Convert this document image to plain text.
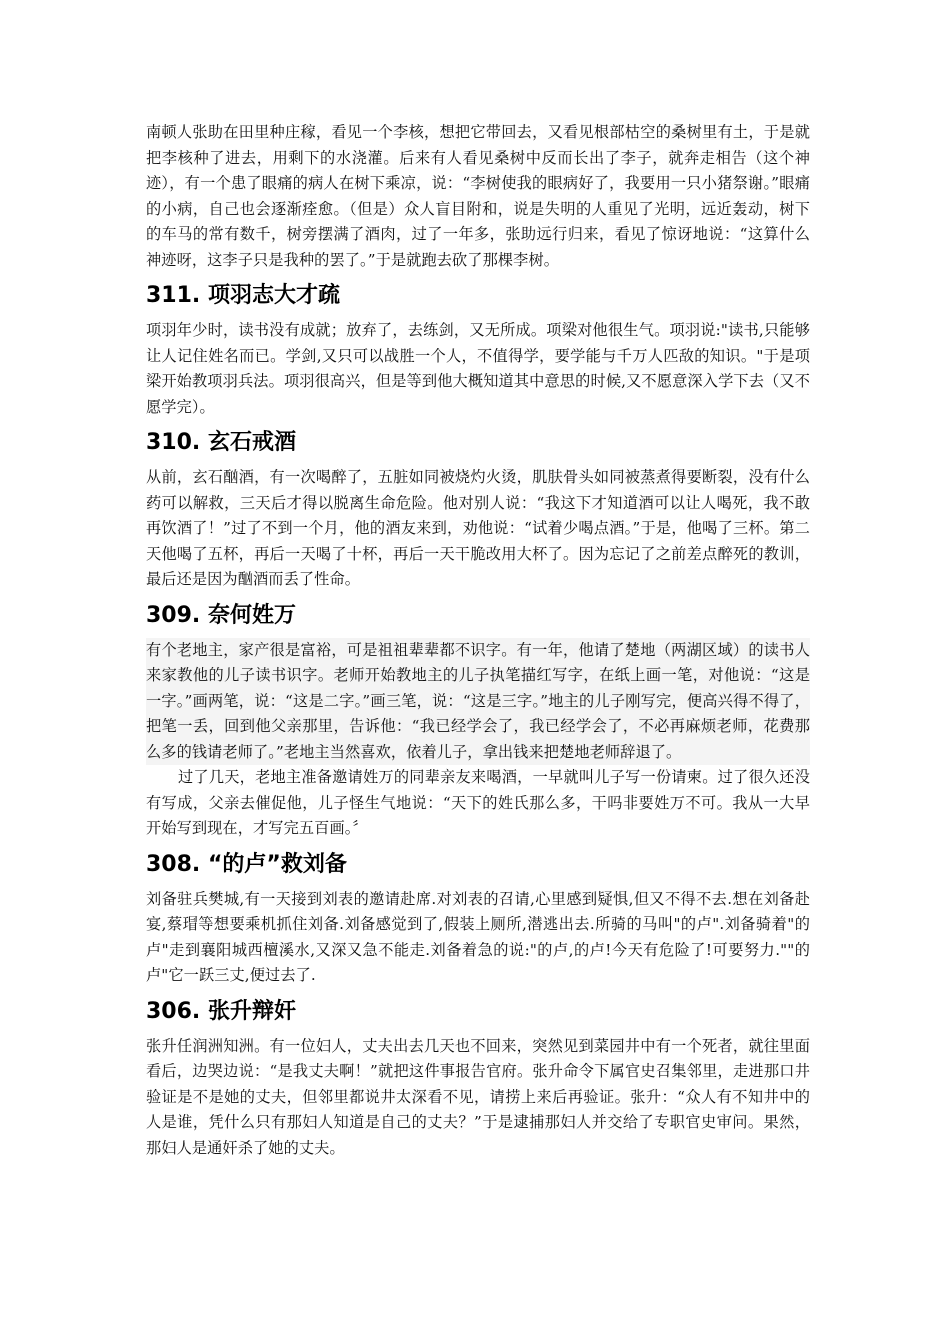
南顿人张助在田里种庄稼，看见一个李核，想把它带回去，又看见根部枯空的桑树里有土，于是就把李核种了进去，用剩下的水浇灌。后来有人看见桑树中反而长出了李子，就奔走相告（这个神迹），有一个患了眼痛的病人在树下乘凉，说：“李树使我的眼病好了，我要用一只小猪祭谢。”眼痛的小病，自己也会逐渐痊愈。（但是）众人盲目附和，说是失明的人重见了光明，远近轰动，树下的车马的常有数千，树旁摆满了酒肉，过了一年多，张助远行归来，看见了惊讶地说：“这算什么神迹呀，这李子只是我种的罢了。”于是就跑去砍了那棵李树。

311. 项羽志大才疏

项羽年少时，读书没有成就；放弃了，去练剑，又无所成。项梁对他很生气。项羽说:"读书,只能够让人记住姓名而已。学剑,又只可以战胜一个人，不值得学，要学能与千万人匹敌的知识。"于是项梁开始教项羽兵法。项羽很高兴，但是等到他大概知道其中意思的时候,又不愿意深入学下去（又不愿学完）。

310. 玄石戒酒

从前，玄石酗酒，有一次喝醉了，五脏如同被烧灼火烫，肌肤骨头如同被蒸煮得要断裂，没有什么药可以解救，三天后才得以脱离生命危险。他对别人说：“我这下才知道酒可以让人喝死，我不敢再饮酒了！”过了不到一个月，他的酒友来到，劝他说：“试着少喝点酒。”于是，他喝了三杯。第二天他喝了五杯，再后一天喝了十杯，再后一天干脆改用大杯了。因为忘记了之前差点醉死的教训，最后还是因为酗酒而丢了性命。

309. 奈何姓万

有个老地主，家产很是富裕，可是祖祖辈辈都不识字。有一年，他请了楚地（两湖区域）的读书人来家教他的儿子读书识字。老师开始教地主的儿子执笔描红写字，在纸上画一笔，对他说：“这是一字。”画两笔，说：“这是二字。”画三笔，说：“这是三字。”地主的儿子刚写完，便高兴得不得了，把笔一丢，回到他父亲那里，告诉他：“我已经学会了，我已经学会了，不必再麻烦老师，花费那么多的钱请老师了。”老地主当然喜欢，依着儿子，拿出钱来把楚地老师辞退了。

过了几天，老地主准备邀请姓万的同辈亲友来喝酒，一早就叫儿子写一份请柬。过了很久还没有写成，父亲去催促他，儿子怪生气地说：“天下的姓氏那么多，干吗非要姓万不可。我从一大早开始写到现在，才写完五百画。〞

308. “的卢”救刘备

刘备驻兵樊城,有一天接到刘表的邀请赴席.对刘表的召请,心里感到疑惧,但又不得不去.想在刘备赴宴,蔡瑁等想要乘机抓住刘备.刘备感觉到了,假装上厕所,潜逃出去.所骑的马叫"的卢".刘备骑着"的卢"走到襄阳城西檀溪水,又深又急不能走.刘备着急的说:"的卢,的卢!今天有危险了!可要努力.""的卢"它一跃三丈,便过去了.

306. 张升辩奸

张升任润洲知洲。有一位妇人，丈夫出去几天也不回来，突然见到菜园井中有一个死者，就往里面看后，边哭边说：“是我丈夫啊！”就把这件事报告官府。张升命令下属官史召集邻里，走进那口井验证是不是她的丈夫，但邻里都说井太深看不见，请捞上来后再验证。张升：“众人有不知井中的人是谁，凭什么只有那妇人知道是自己的丈夫？”于是逮捕那妇人并交给了专职官史审问。果然，那妇人是通奸杀了她的丈夫。
